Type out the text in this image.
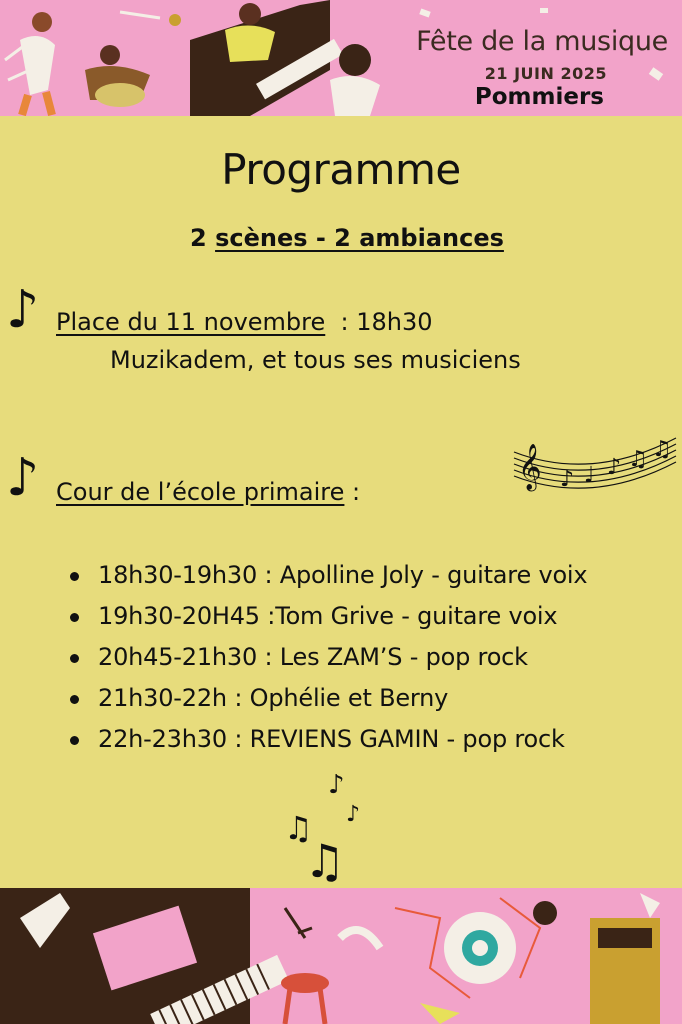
Fête de la musique
21 JUIN 2025
Pommiers
Programme
2 scènes - 2 ambiances
♪ Place du 11 novembre  : 18h30
Muzikadem, et tous ses musiciens
𝄞 ♪ ♩ ♪ ♫ ♫
♪ Cour de l’école primaire :
18h30-19h30 : Apolline Joly - guitare voix
19h30-20H45 :Tom Grive - guitare voix
20h45-21h30 : Les ZAM’S - pop rock
21h30-22h : Ophélie et Berny
22h-23h30 : REVIENS GAMIN - pop rock
♪
♪
♫
♫
